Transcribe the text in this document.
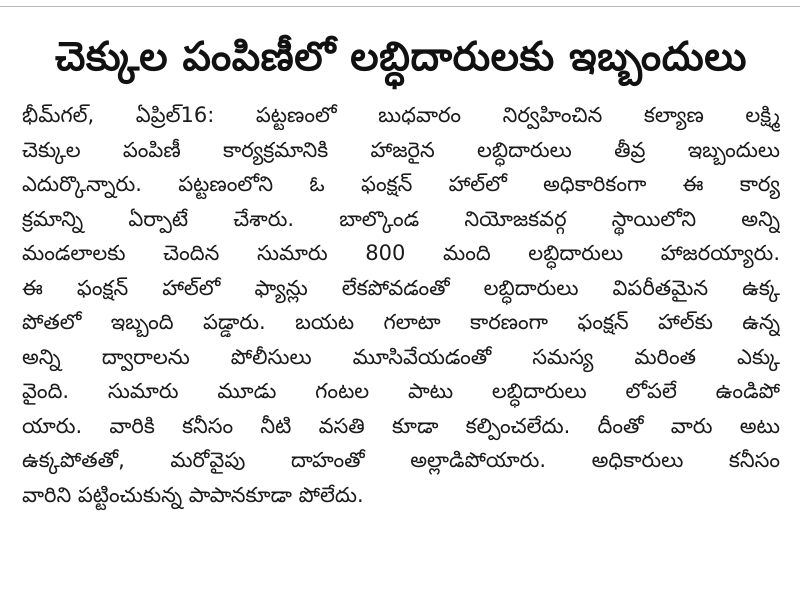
చెక్కుల పంపిణీలో లబ్ధిదారులకు ఇబ్బందులు
భీమ్‌గల్, ఏప్రిల్16: పట్టణంలో బుధవారం నిర్వహించిన కల్యాణ లక్ష్మి
చెక్కుల పంపిణీ కార్యక్రమానికి హాజరైన లబ్ధిదారులు తీవ్ర ఇబ్బందులు
ఎదుర్కొన్నారు. పట్టణంలోని ఓ ఫంక్షన్ హాల్‌లో అధికారికంగా ఈ కార్య
క్రమాన్ని ఏర్పాటే చేశారు. బాల్కొండ నియోజకవర్గ స్థాయిలోని అన్ని
మండలాలకు చెందిన సుమారు 800 మంది లబ్ధిదారులు హాజరయ్యారు.
ఈ ఫంక్షన్ హాల్‌లో ఫ్యాన్లు లేకపోవడంతో లబ్ధిదారులు విపరీతమైన ఉక్క
పోతలో ఇబ్బంది పడ్డారు. బయట గలాటా కారణంగా ఫంక్షన్ హాల్‌కు ఉన్న
అన్ని ద్వారాలను పోలీసులు మూసివేయడంతో సమస్య మరింత ఎక్కు
వైంది. సుమారు మూడు గంటల పాటు లబ్ధిదారులు లోపలే ఉండిపో
యారు. వారికి కనీసం నీటి వసతి కూడా కల్పించలేదు. దీంతో వారు అటు
ఉక్కపోతతో, మరోవైపు దాహంతో అల్లాడిపోయారు. అధికారులు కనీసం
వారిని పట్టించుకున్న పాపానకూడా పోలేదు.
